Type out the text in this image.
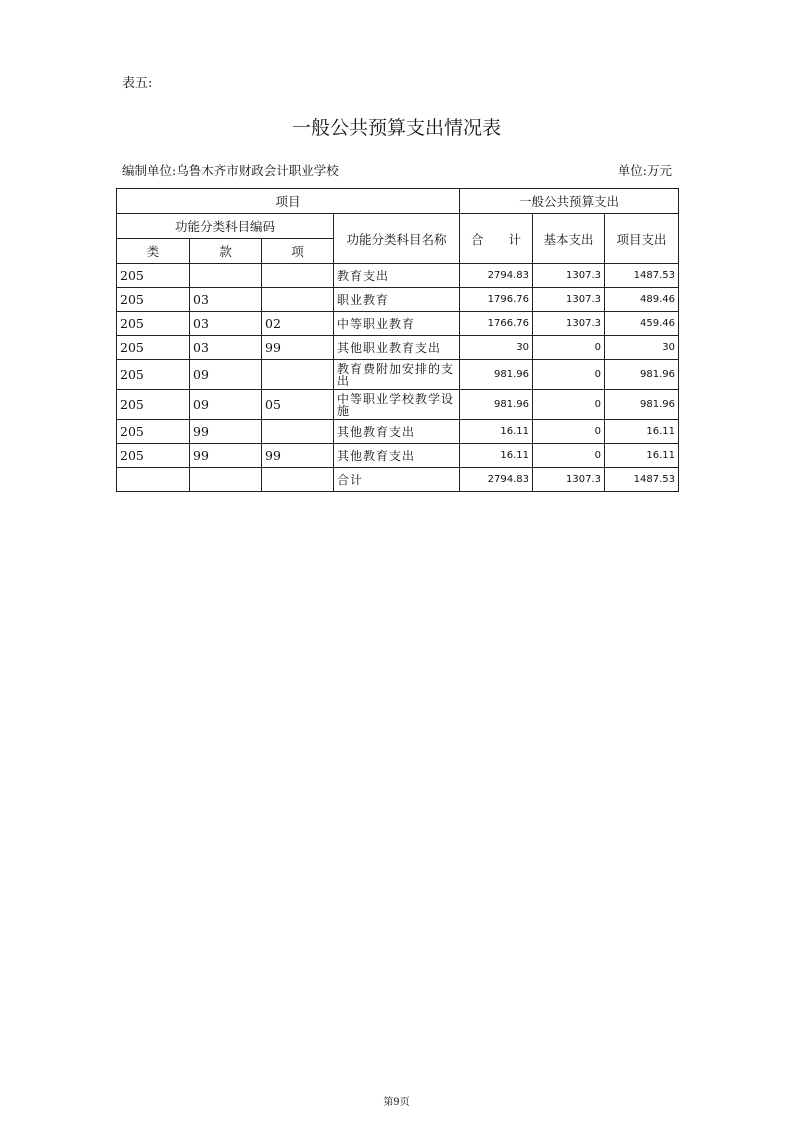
表五:
一般公共预算支出情况表
编制单位:乌鲁木齐市财政会计职业学校	单位:万元
项目				一般公共预算支出		
功能分类科目编码			功能分类科目名称	合　　计	基本支出	项目支出
类	款	项				
205			教育支出	2794.83	1307.3	1487.53
205	03		职业教育	1796.76	1307.3	489.46
205	03	02	中等职业教育	1766.76	1307.3	459.46
205	03	99	其他职业教育支出	30	0	30
205	09		教育费附加安排的支出	981.96	0	981.96
205	09	05	中等职业学校教学设施	981.96	0	981.96
205	99		其他教育支出	16.11	0	16.11
205	99	99	其他教育支出	16.11	0	16.11
			合计	2794.83	1307.3	1487.53
第9页
